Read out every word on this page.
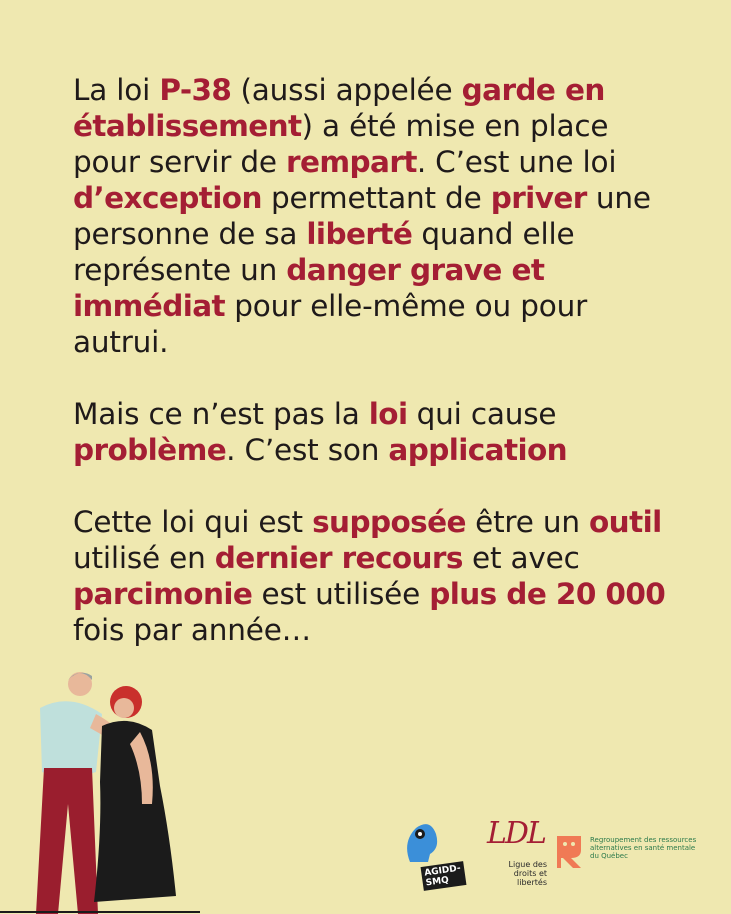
La loi P-38 (aussi appelée garde en établissement) a été mise en place pour servir de rempart. C’est une loi d’exception permettant de priver une personne de sa liberté quand elle représente un danger grave et immédiat pour elle-même ou pour autrui.

Mais ce n’est pas la loi qui cause problème. C’est son application

Cette loi qui est supposée être un outil utilisé en dernier recours et avec parcimonie est utilisée plus de 20 000 fois par année…

AGIDD-SMQ
LDL
Ligue des
droits et libertés
Regroupement des ressources alternatives en santé mentale du Québec
